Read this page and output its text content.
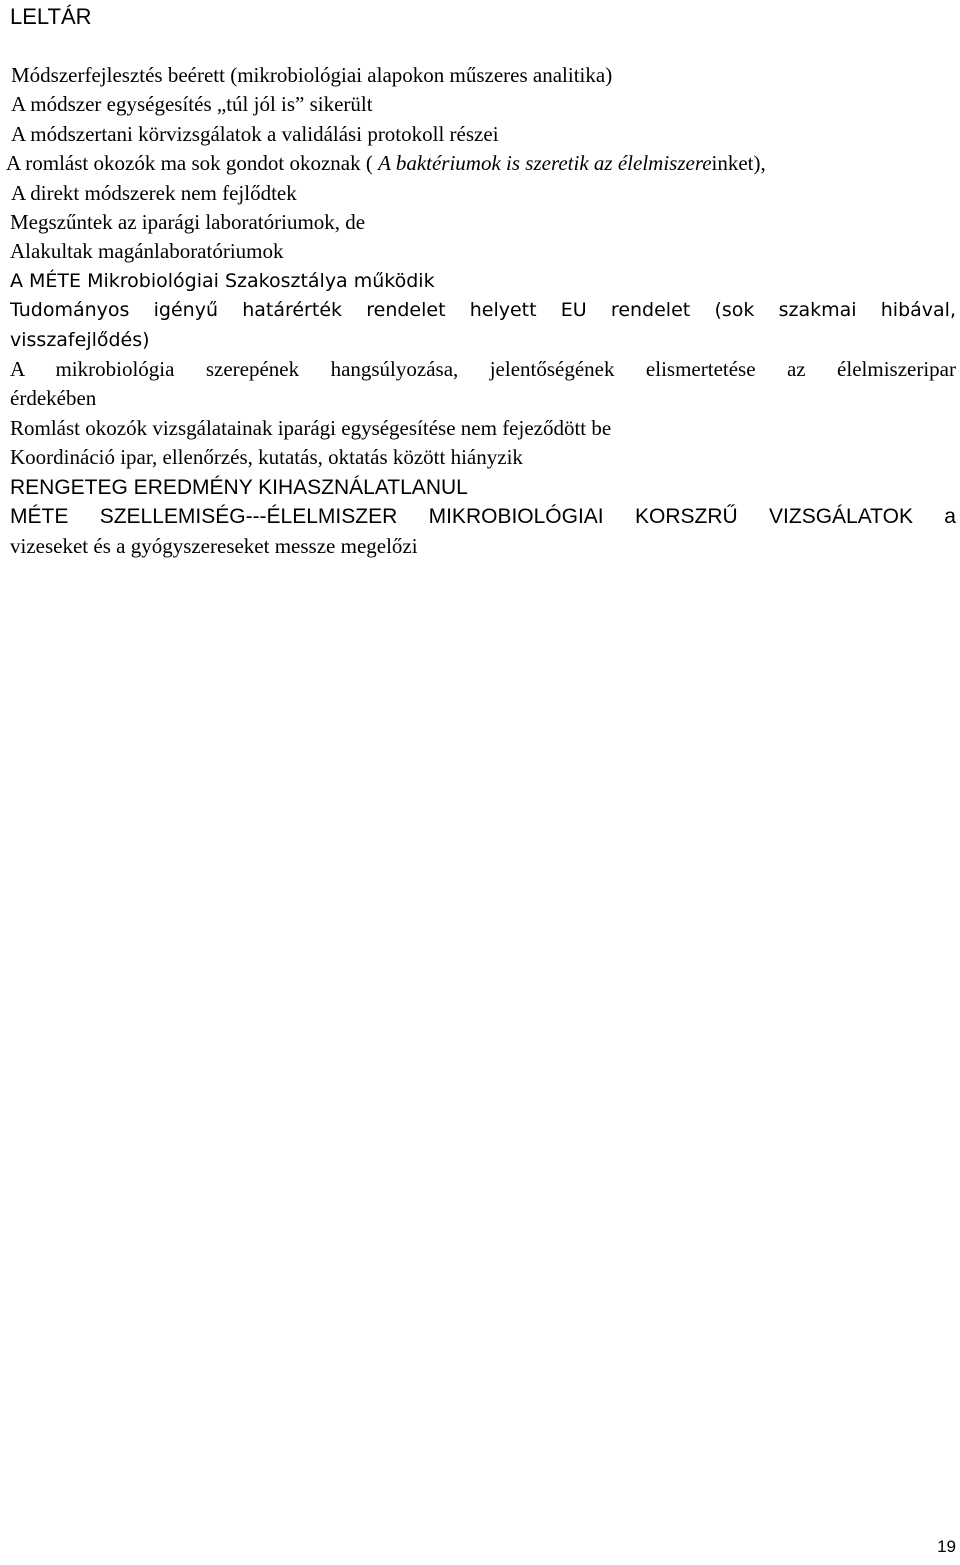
LELTÁR
Módszerfejlesztés beérett (mikrobiológiai alapokon műszeres analitika)
A módszer egységesítés „túl jól is” sikerült
A módszertani körvizsgálatok a validálási protokoll részei
A romlást okozók ma sok gondot okoznak ( A baktériumok is szeretik az élelmiszereinket),
A direkt módszerek nem fejlődtek
Megszűntek az iparági laboratóriumok, de
Alakultak magánlaboratóriumok
A MÉTE Mikrobiológiai Szakosztálya működik
Tudományos igényű határérték rendelet helyett EU rendelet (sok szakmai hibával,
visszafejlődés)
A mikrobiológia szerepének hangsúlyozása, jelentőségének elismertetése az élelmiszeripar
érdekében
Romlást okozók vizsgálatainak iparági egységesítése nem fejeződött be
Koordináció ipar, ellenőrzés, kutatás, oktatás között hiányzik
RENGETEG EREDMÉNY KIHASZNÁLATLANUL
MÉTE SZELLEMISÉG---ÉLELMISZER MIKROBIOLÓGIAI KORSZRŰ VIZSGÁLATOK a
vizeseket és a gyógyszereseket messze megelőzi
19
